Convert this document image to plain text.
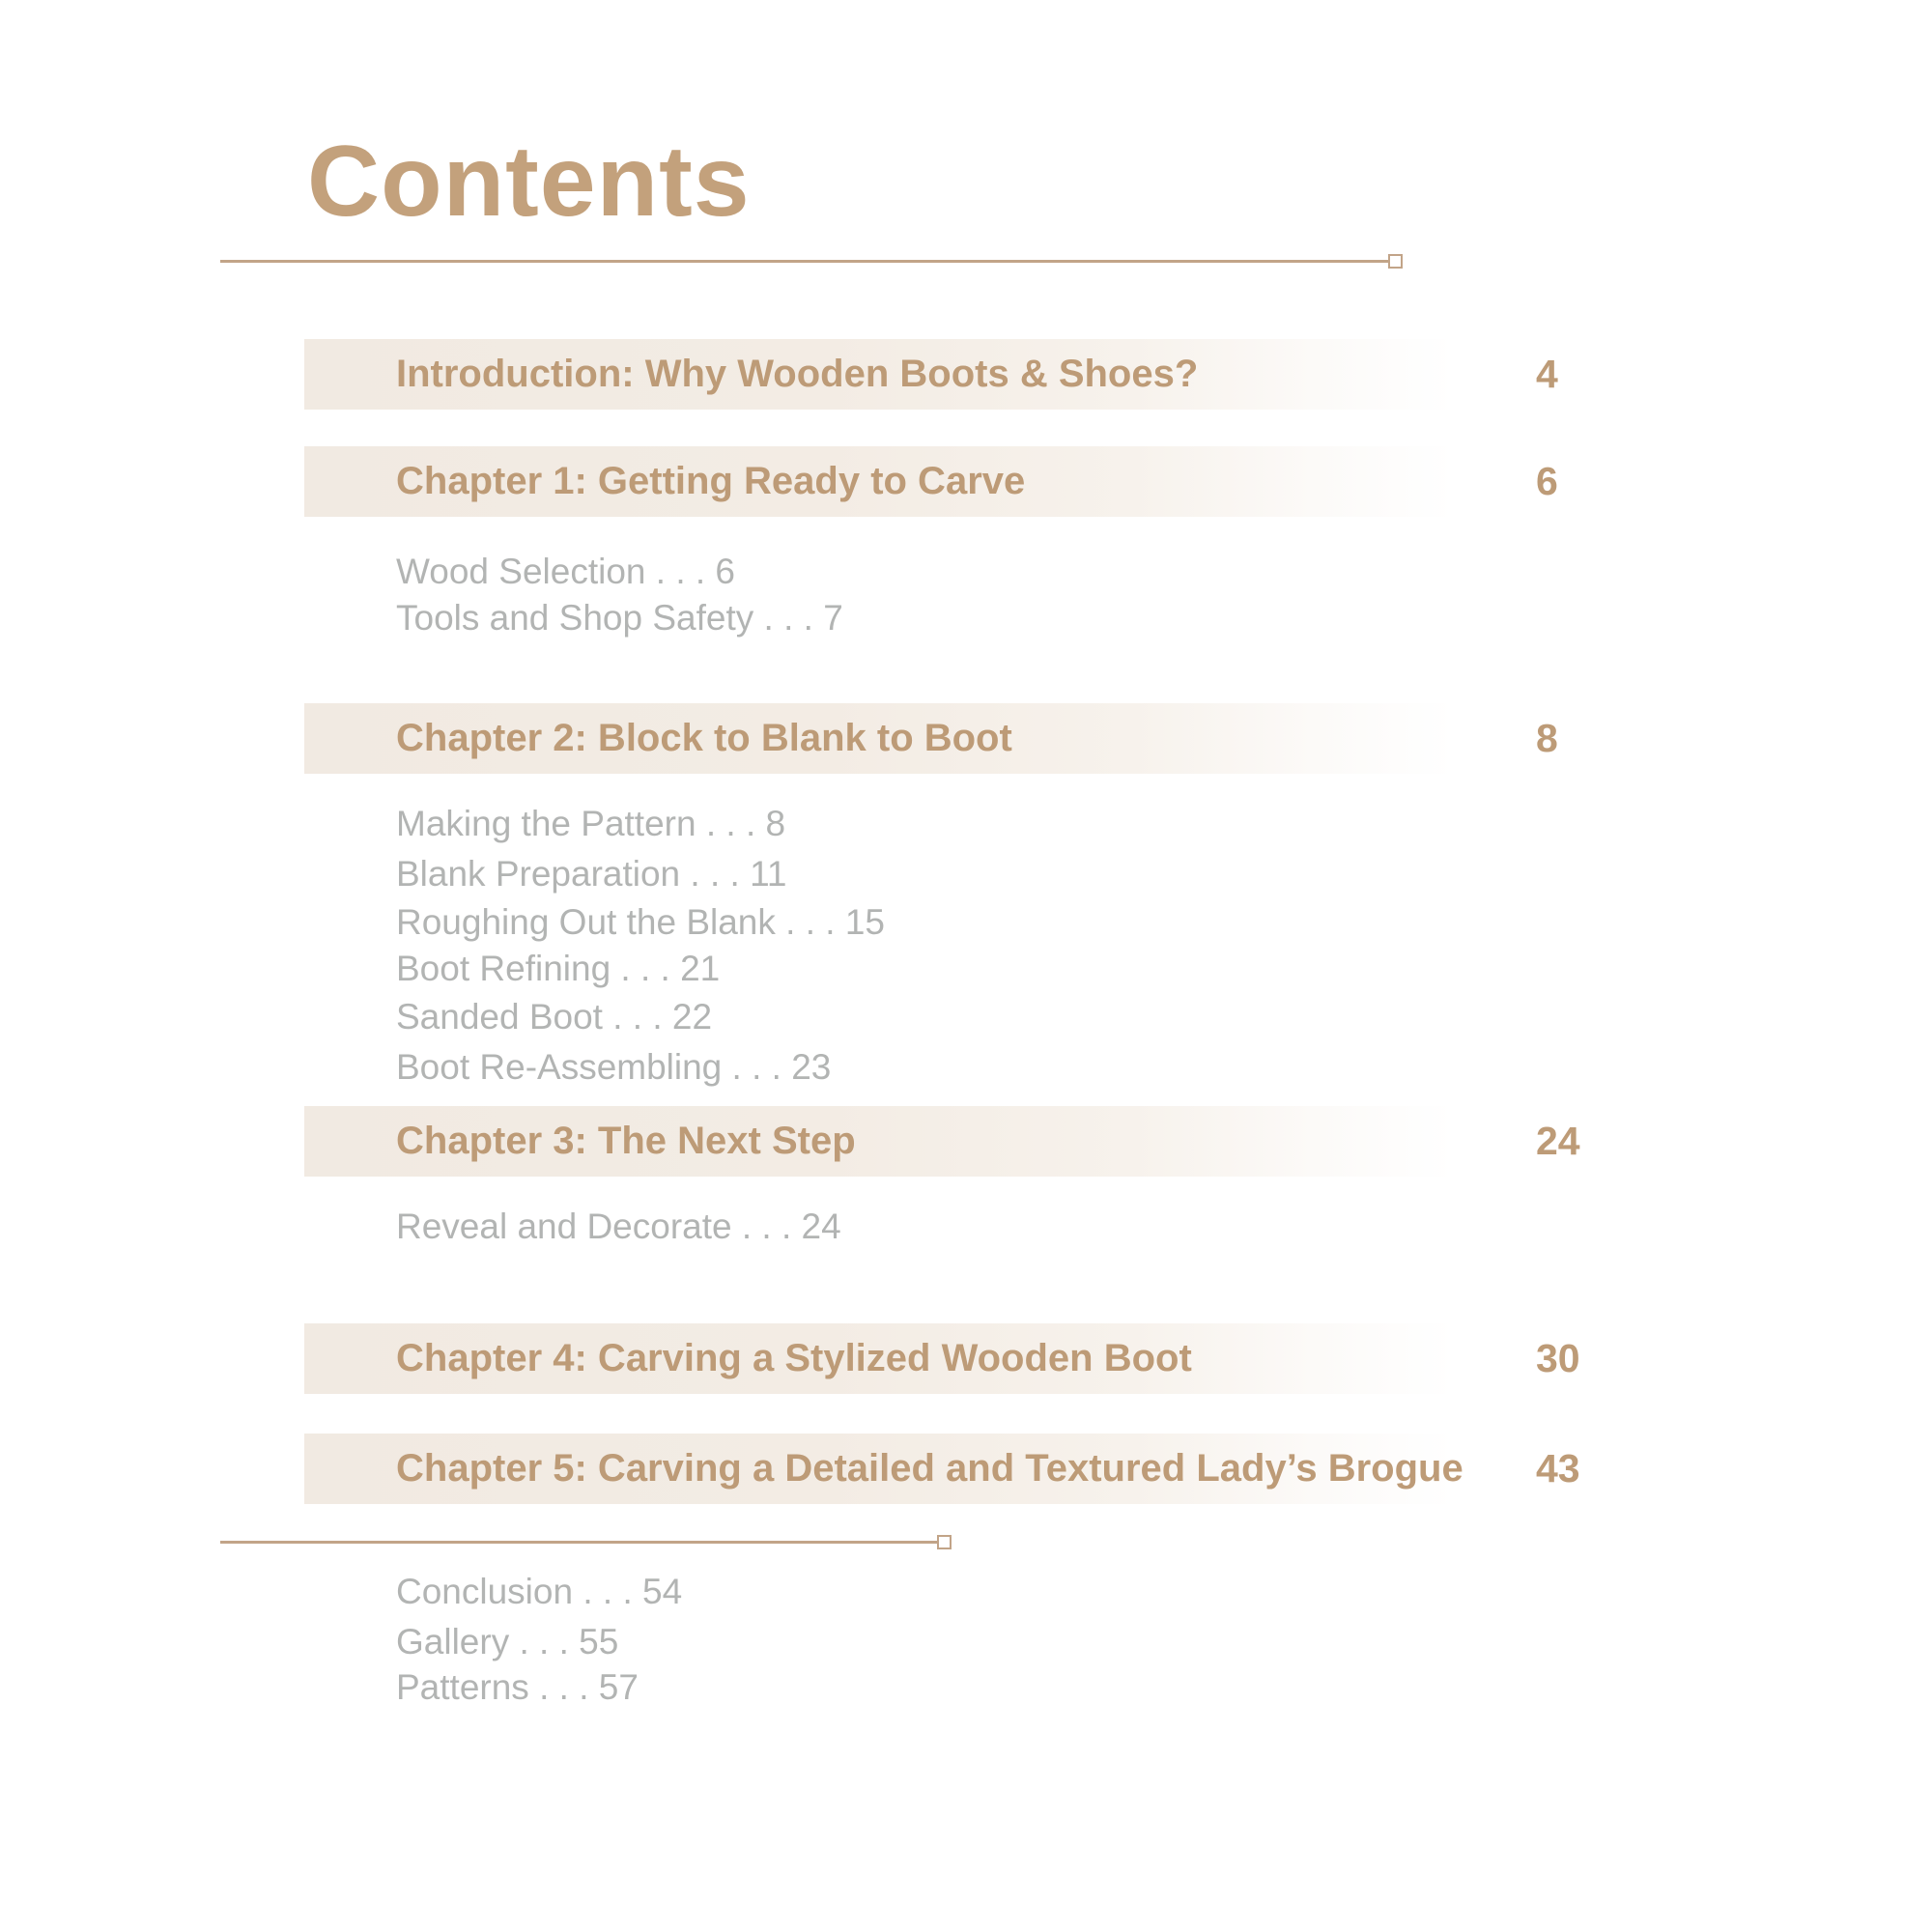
Contents
Introduction: Why Wooden Boots & Shoes?	4
Chapter 1: Getting Ready to Carve	6
Wood Selection . . . 6
Tools and Shop Safety . . . 7
Chapter 2: Block to Blank to Boot	8
Making the Pattern . . . 8
Blank Preparation . . . 11
Roughing Out the Blank . . . 15
Boot Refining . . . 21
Sanded Boot . . . 22
Boot Re-Assembling . . . 23
Chapter 3: The Next Step	24
Reveal and Decorate . . . 24
Chapter 4: Carving a Stylized Wooden Boot	30
Chapter 5: Carving a Detailed and Textured Lady’s Brogue 43
Conclusion . . . 54
Gallery . . . 55
Patterns . . . 57
